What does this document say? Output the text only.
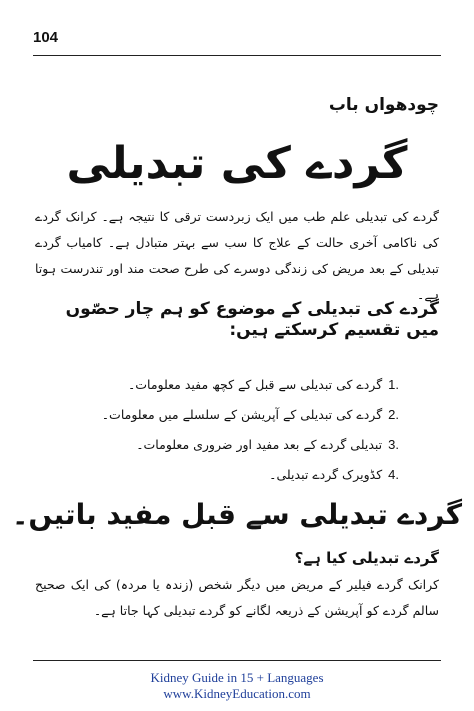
104
چودھواں باب
گردے کی تبدیلی
گردے کی تبدیلی علم طب میں ایک زبردست ترقی کا نتیجہ ہے۔ کرانک گردے کی ناکامی آخری حالت کے علاج کا سب سے بہتر متبادل ہے۔ کامیاب گردے تبدیلی کے بعد مریض کی زندگی دوسرے کی طرح صحت مند اور تندرست ہوتا ہے۔
گردے کی تبدیلی کے موضوع کو ہم چار حصّوں میں تقسیم کرسکتے ہیں:
1.
گردے کی تبدیلی سے قبل کے کچھ مفید معلومات۔
2.
گردے کی تبدیلی کے آپریشن کے سلسلے میں معلومات۔
3.
تبدیلی گردے کے بعد مفید اور ضروری معلومات۔
4.
کڈویرک گردے تبدیلی۔
گردے تبدیلی سے قبل مفید باتیں۔
گردے تبدیلی کیا ہے؟
کرانک گردے فیلیر کے مریض میں دیگر شخص (زندہ یا مردہ) کی ایک صحیح سالم گردے کو آپریشن کے ذریعہ لگانے کو گردے تبدیلی کہا جاتا ہے۔
Kidney Guide in 15 + Languages
www.KidneyEducation.com
